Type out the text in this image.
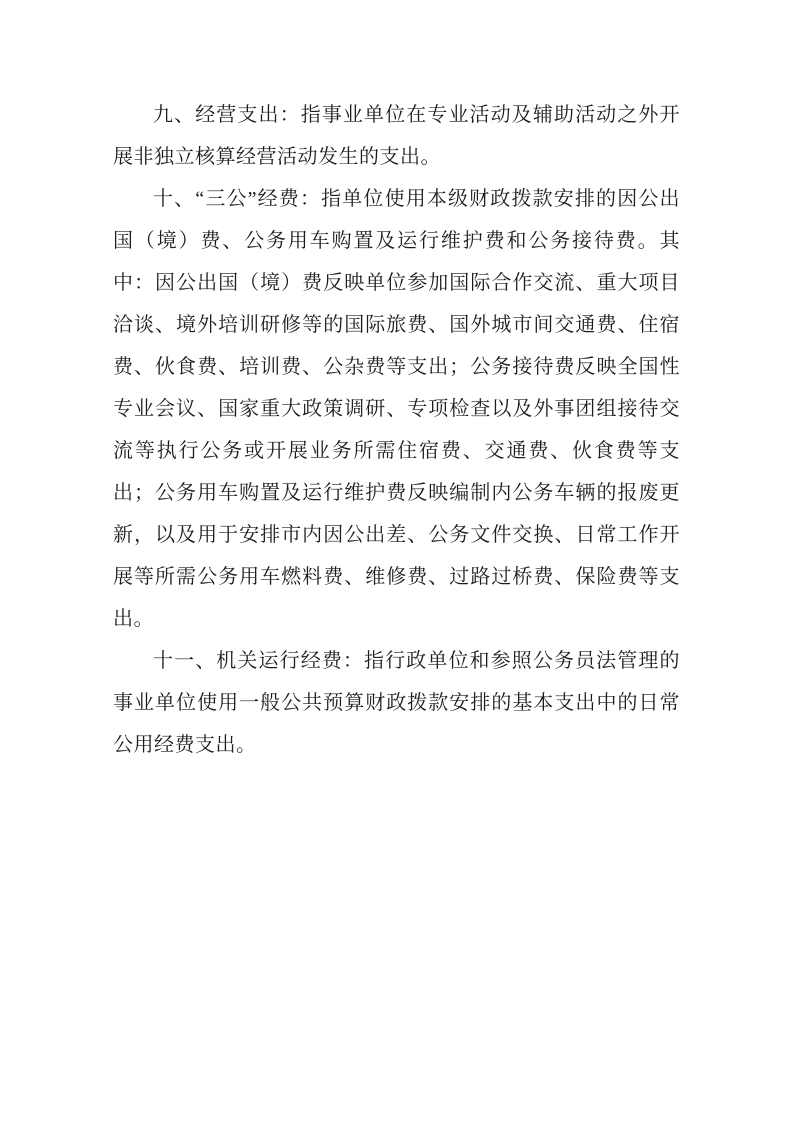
九、经营支出：指事业单位在专业活动及辅助活动之外开展非独立核算经营活动发生的支出。

十、“三公”经费：指单位使用本级财政拨款安排的因公出国（境）费、公务用车购置及运行维护费和公务接待费。其中：因公出国（境）费反映单位参加国际合作交流、重大项目洽谈、境外培训研修等的国际旅费、国外城市间交通费、住宿费、伙食费、培训费、公杂费等支出；公务接待费反映全国性专业会议、国家重大政策调研、专项检查以及外事团组接待交流等执行公务或开展业务所需住宿费、交通费、伙食费等支出；公务用车购置及运行维护费反映编制内公务车辆的报废更新，以及用于安排市内因公出差、公务文件交换、日常工作开展等所需公务用车燃料费、维修费、过路过桥费、保险费等支出。

十一、机关运行经费：指行政单位和参照公务员法管理的事业单位使用一般公共预算财政拨款安排的基本支出中的日常公用经费支出。
